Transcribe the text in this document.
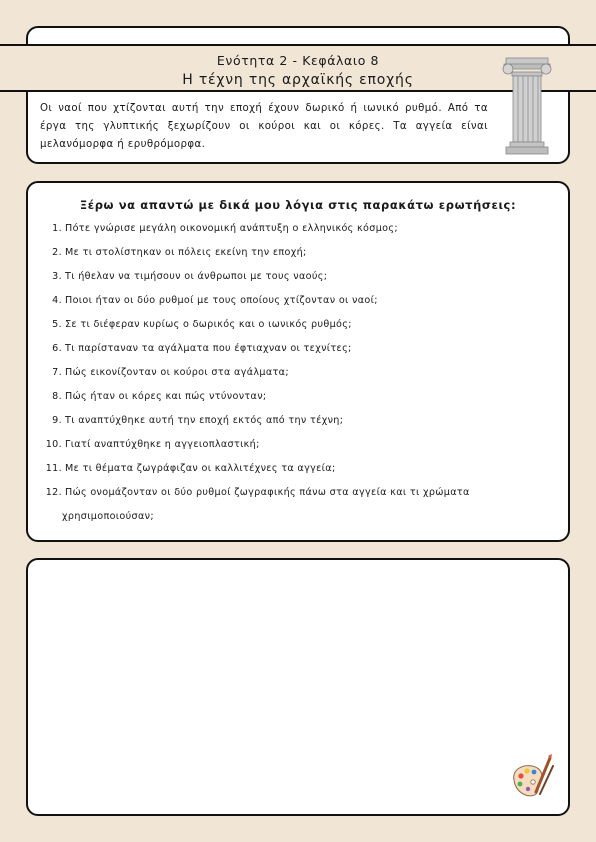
Ενότητα 2 - Κεφάλαιο 8
Η τέχνη της αρχαϊκής εποχής
Οι ναοί που χτίζονται αυτή την εποχή έχουν δωρικό ή ιωνικό ρυθμό. Από τα έργα της γλυπτικής ξεχωρίζουν οι κούροι και οι κόρες. Τα αγγεία είναι μελανόμορφα ή ερυθρόμορφα.
Ξέρω να απαντώ με δικά μου λόγια στις παρακάτω ερωτήσεις:
1. Πότε γνώρισε μεγάλη οικονομική ανάπτυξη ο ελληνικός κόσμος;
2. Με τι στολίστηκαν οι πόλεις εκείνη την εποχή;
3. Τι ήθελαν να τιμήσουν οι άνθρωποι με τους ναούς;
4. Ποιοι ήταν οι δύο ρυθμοί με τους οποίους χτίζονταν οι ναοί;
5. Σε τι διέφεραν κυρίως ο δωρικός και ο ιωνικός ρυθμός;
6. Τι παρίσταναν τα αγάλματα που έφτιαχναν οι τεχνίτες;
7. Πώς εικονίζονταν οι κούροι στα αγάλματα;
8. Πώς ήταν οι κόρες και πώς ντύνονταν;
9. Τι αναπτύχθηκε αυτή την εποχή εκτός από την τέχνη;
10. Γιατί αναπτύχθηκε η αγγειοπλαστική;
11. Με τι θέματα ζωγράφιζαν οι καλλιτέχνες τα αγγεία;
12. Πώς ονομάζονταν οι δύο ρυθμοί ζωγραφικής πάνω στα αγγεία και τι χρώματα
χρησιμοποιούσαν;
